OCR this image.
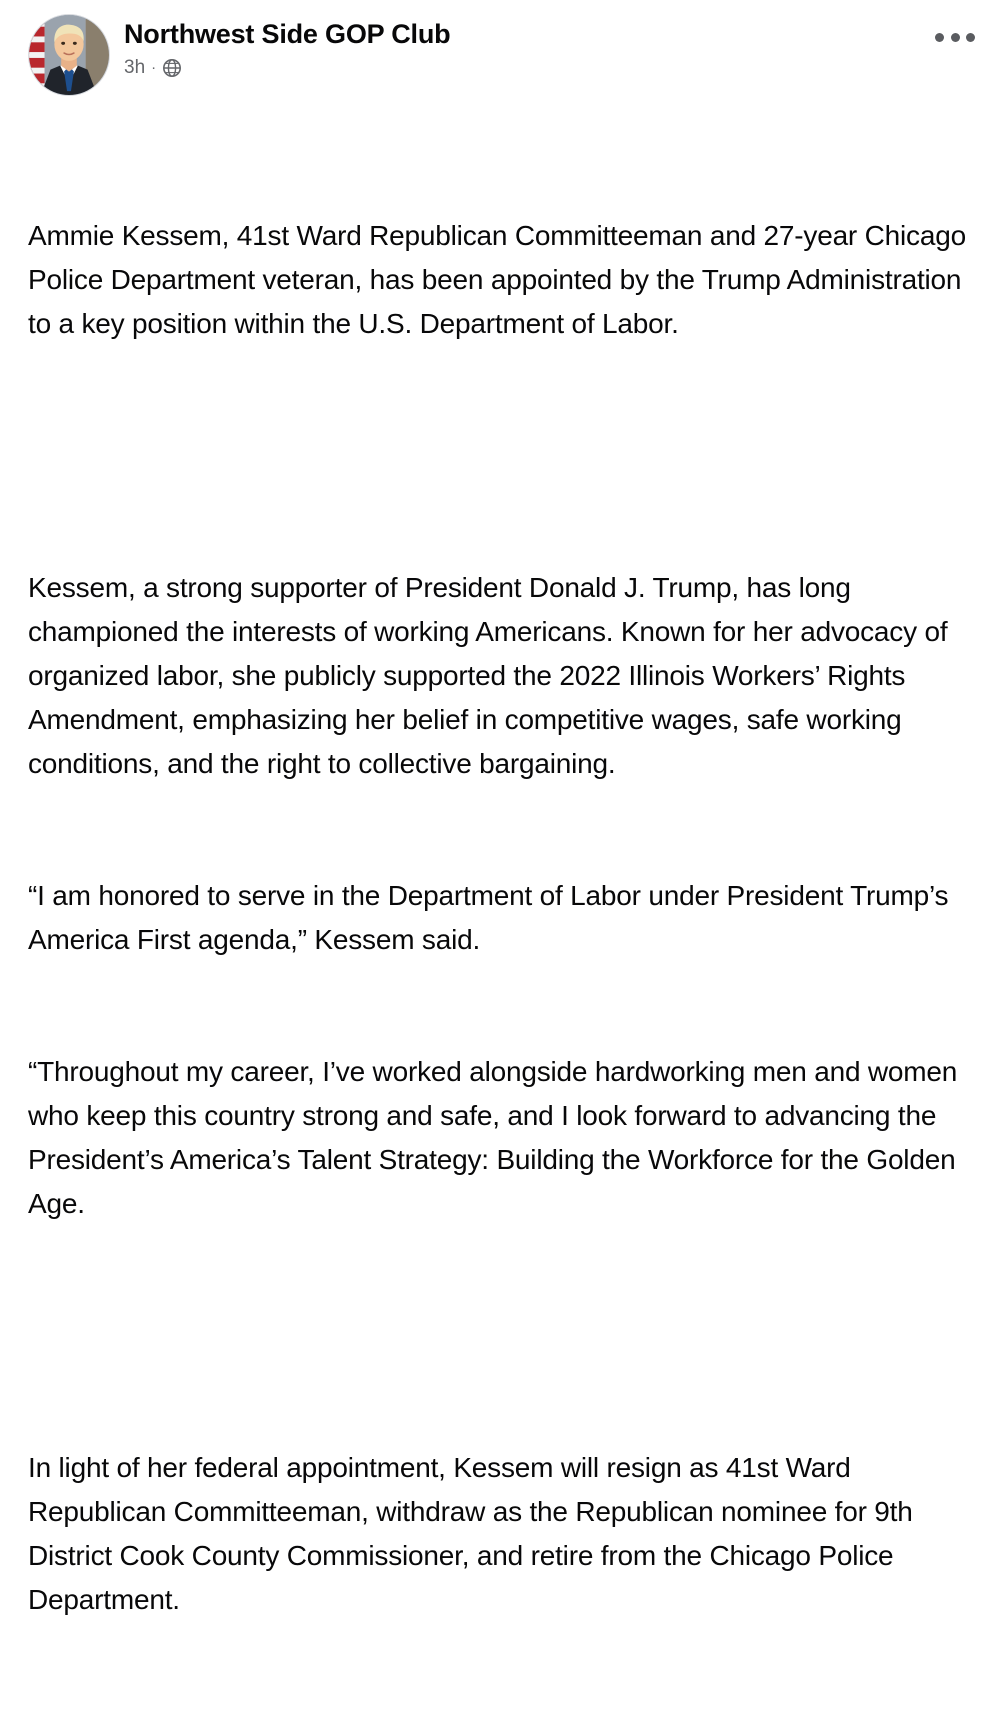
Northwest Side GOP Club
3h ·

Ammie Kessem, 41st Ward Republican Committeeman and 27-year Chicago Police Department veteran, has been appointed by the Trump Administration to a key position within the U.S. Department of Labor.

Kessem, a strong supporter of President Donald J. Trump, has long championed the interests of working Americans. Known for her advocacy of organized labor, she publicly supported the 2022 Illinois Workers’ Rights Amendment, emphasizing her belief in competitive wages, safe working conditions, and the right to collective bargaining.

“I am honored to serve in the Department of Labor under President Trump’s America First agenda,” Kessem said.

“Throughout my career, I’ve worked alongside hardworking men and women who keep this country strong and safe, and I look forward to advancing the President’s America’s Talent Strategy: Building the Workforce for the Golden Age.

In light of her federal appointment, Kessem will resign as 41st Ward Republican Committeeman, withdraw as the Republican nominee for 9th District Cook County Commissioner, and retire from the Chicago Police Department.
